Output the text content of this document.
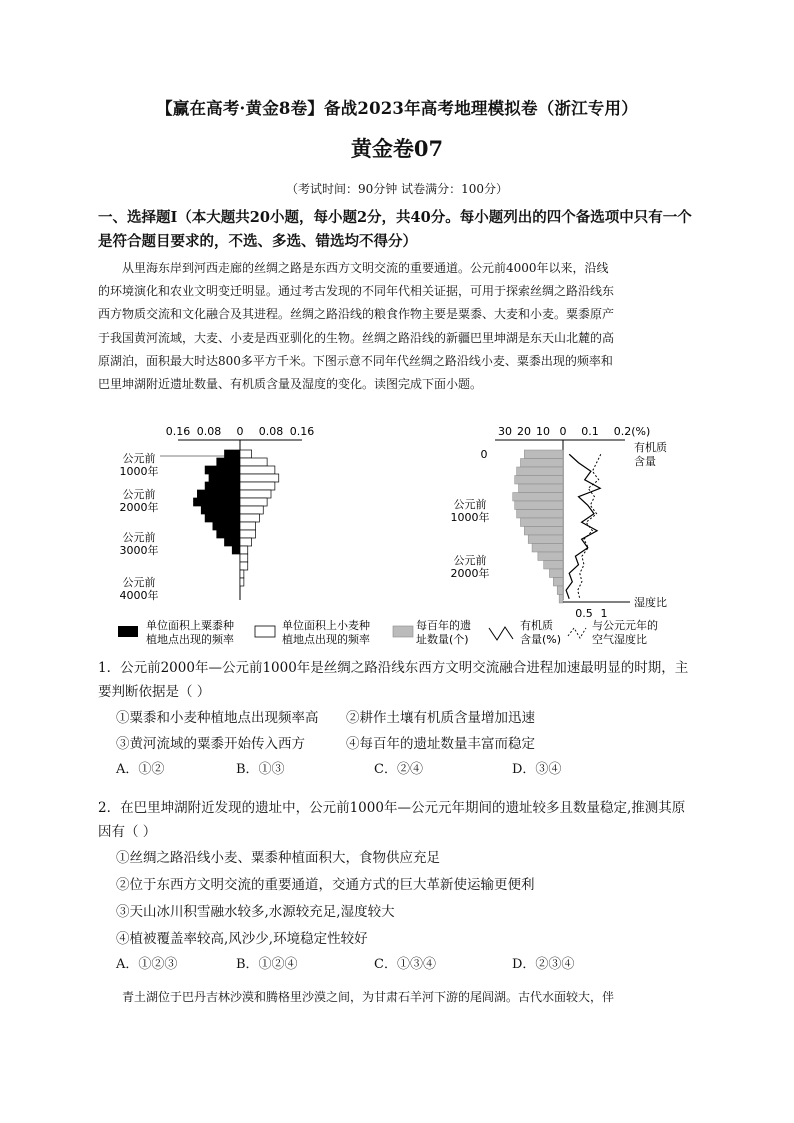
【赢在高考·黄金8卷】备战2023年高考地理模拟卷（浙江专用）
黄金卷07
（考试时间：90分钟 试卷满分：100分）
一、选择题Ⅰ（本大题共20小题，每小题2分，共40分。每小题列出的四个备选项中只有一个是符合题目要求的，不选、多选、错选均不得分）
从里海东岸到河西走廊的丝绸之路是东西方文明交流的重要通道。公元前4000年以来，沿线
的环境演化和农业文明变迁明显。通过考古发现的不同年代相关证据，可用于探索丝绸之路沿线东
西方物质交流和文化融合及其进程。丝绸之路沿线的粮食作物主要是粟黍、大麦和小麦。粟黍原产
于我国黄河流域，大麦、小麦是西亚驯化的生物。丝绸之路沿线的新疆巴里坤湖是东天山北麓的高
原湖泊，面积最大时达800多平方千米。下图示意不同年代丝绸之路沿线小麦、粟黍出现的频率和
巴里坤湖附近遗址数量、有机质含量及湿度的变化。读图完成下面小题。
0.16 0.08 0 0.08 0.16
公元前
1000年
公元前
2000年
公元前
3000年
公元前
4000年
30 20 10 0 0.1 0.2(%)
0
公元前
1000年
公元前
2000年
有机质
含量
湿度比
0.5 1
单位面积上粟黍种
植地点出现的频率
单位面积上小麦种
植地点出现的频率
每百年的遗
址数量(个)
有机质
含量(%)
与公元元年的
空气湿度比
1．公元前2000年—公元前1000年是丝绸之路沿线东西方文明交流融合进程加速最明显的时期，主要判断依据是（ ）
①粟黍和小麦种植地点出现频率高 ②耕作土壤有机质含量增加迅速
③黄河流域的粟黍开始传入西方	④每百年的遗址数量丰富而稳定
A．①②	B．①③	C．②④	D．③④
2．在巴里坤湖附近发现的遗址中，公元前1000年—公元元年期间的遗址较多且数量稳定,推测其原因有（ ）
①丝绸之路沿线小麦、粟黍种植面积大，食物供应充足
②位于东西方文明交流的重要通道，交通方式的巨大革新使运输更便利
③天山冰川积雪融水较多,水源较充足,湿度较大
④植被覆盖率较高,风沙少,环境稳定性较好
A．①②③	B．①②④	C．①③④	D．②③④
青土湖位于巴丹吉林沙漠和腾格里沙漠之间，为甘肃石羊河下游的尾闾湖。古代水面较大，伴
